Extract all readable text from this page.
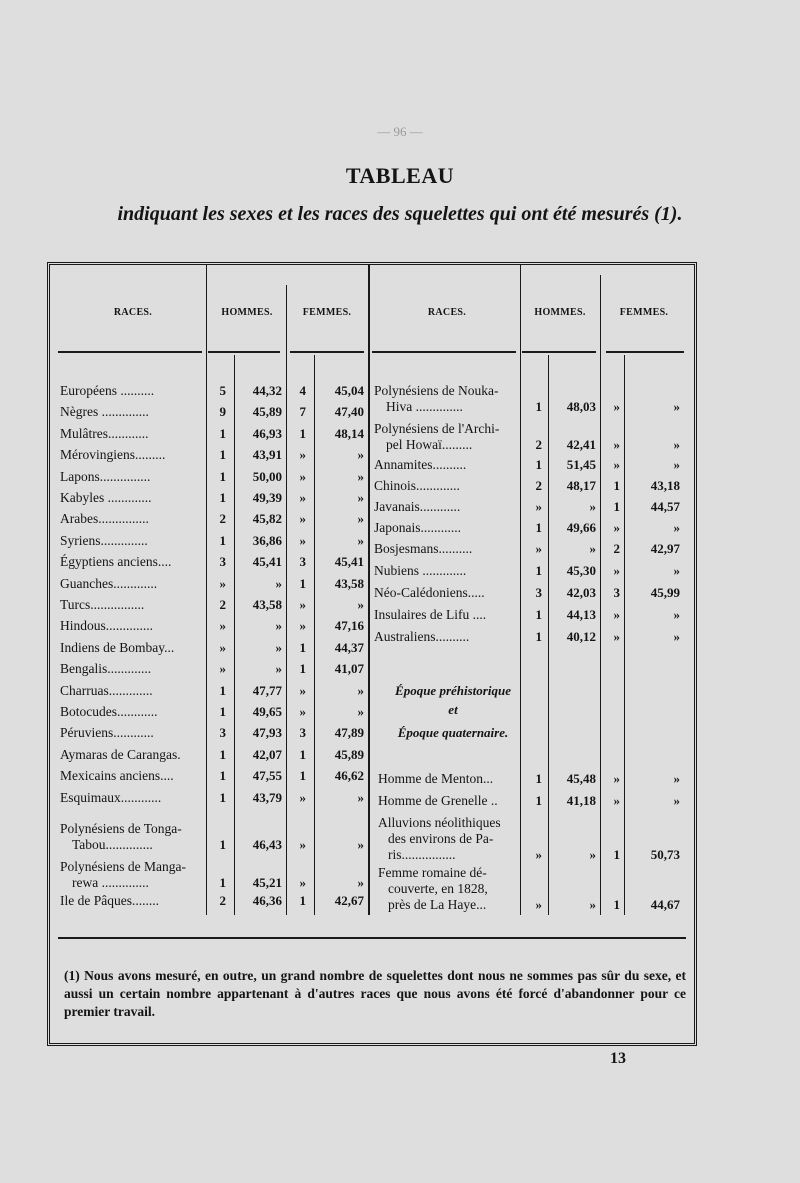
— 96 —
TABLEAU
indiquant les sexes et les races des squelettes qui ont été mesurés (1).
RACES.	HOMMES.	FEMMES.	RACES.	HOMMES.	FEMMES.
Européens ..........	5	44,32	4	45,04
Nègres ..............	9	45,89	7	47,40
Mulâtres............	1	46,93	1	48,14
Mérovingiens.........	1	43,91	»	»
Lapons...............	1	50,00	»	»
Kabyles .............	1	49,39	»	»
Arabes...............	2	45,82	»	»
Syriens..............	1	36,86	»	»
Égyptiens anciens....	3	45,41	3	45,41
Guanches.............	»	»	1	43,58
Turcs................	2	43,58	»	»
Hindous..............	»	»	»	47,16
Indiens de Bombay...	»	»	1	44,37
Bengalis.............	»	»	1	41,07
Charruas.............	1	47,77	»	»
Botocudes............	1	49,65	»	»
Péruviens............	3	47,93	3	47,89
Aymaras de Carangas.	1	42,07	1	45,89
Mexicains anciens....	1	47,55	1	46,62
Esquimaux............	1	43,79	»	»
Polynésiens de Tonga-
Tabou..............	1	46,43	»	»
Polynésiens de Manga-
rewa ..............	1	45,21	»	»
Ile de Pâques........	2	46,36	1	42,67
Polynésiens de Nouka-
Hiva ..............	1	48,03	»	»
Polynésiens de l'Archi-
pel Howaï.........	2	42,41	»	»
Annamites..........	1	51,45	»	»
Chinois.............	2	48,17	1	43,18
Javanais............	»	»	1	44,57
Japonais............	1	49,66	»	»
Bosjesmans..........	»	»	2	42,97
Nubiens .............	1	45,30	»	»
Néo-Calédoniens.....	3	42,03	3	45,99
Insulaires de Lifu ....	1	44,13	»	»
Australiens..........	1	40,12	»	»
Homme de Menton...	1	45,48	»	»
Homme de Grenelle ..	1	41,18	»	»
Alluvions néolithiques
des environs de Pa-
ris................	»	»	1	50,73
Femme romaine dé-
couverte, en 1828,
près de La Haye...	»	»	1	44,67
Époque préhistorique
et
Époque quaternaire.
(1) Nous avons mesuré, en outre, un grand nombre de squelettes dont nous ne sommes pas sûr du sexe, et aussi un certain nombre appartenant à d'autres races que nous avons été forcé d'abandonner pour ce premier travail.
13
